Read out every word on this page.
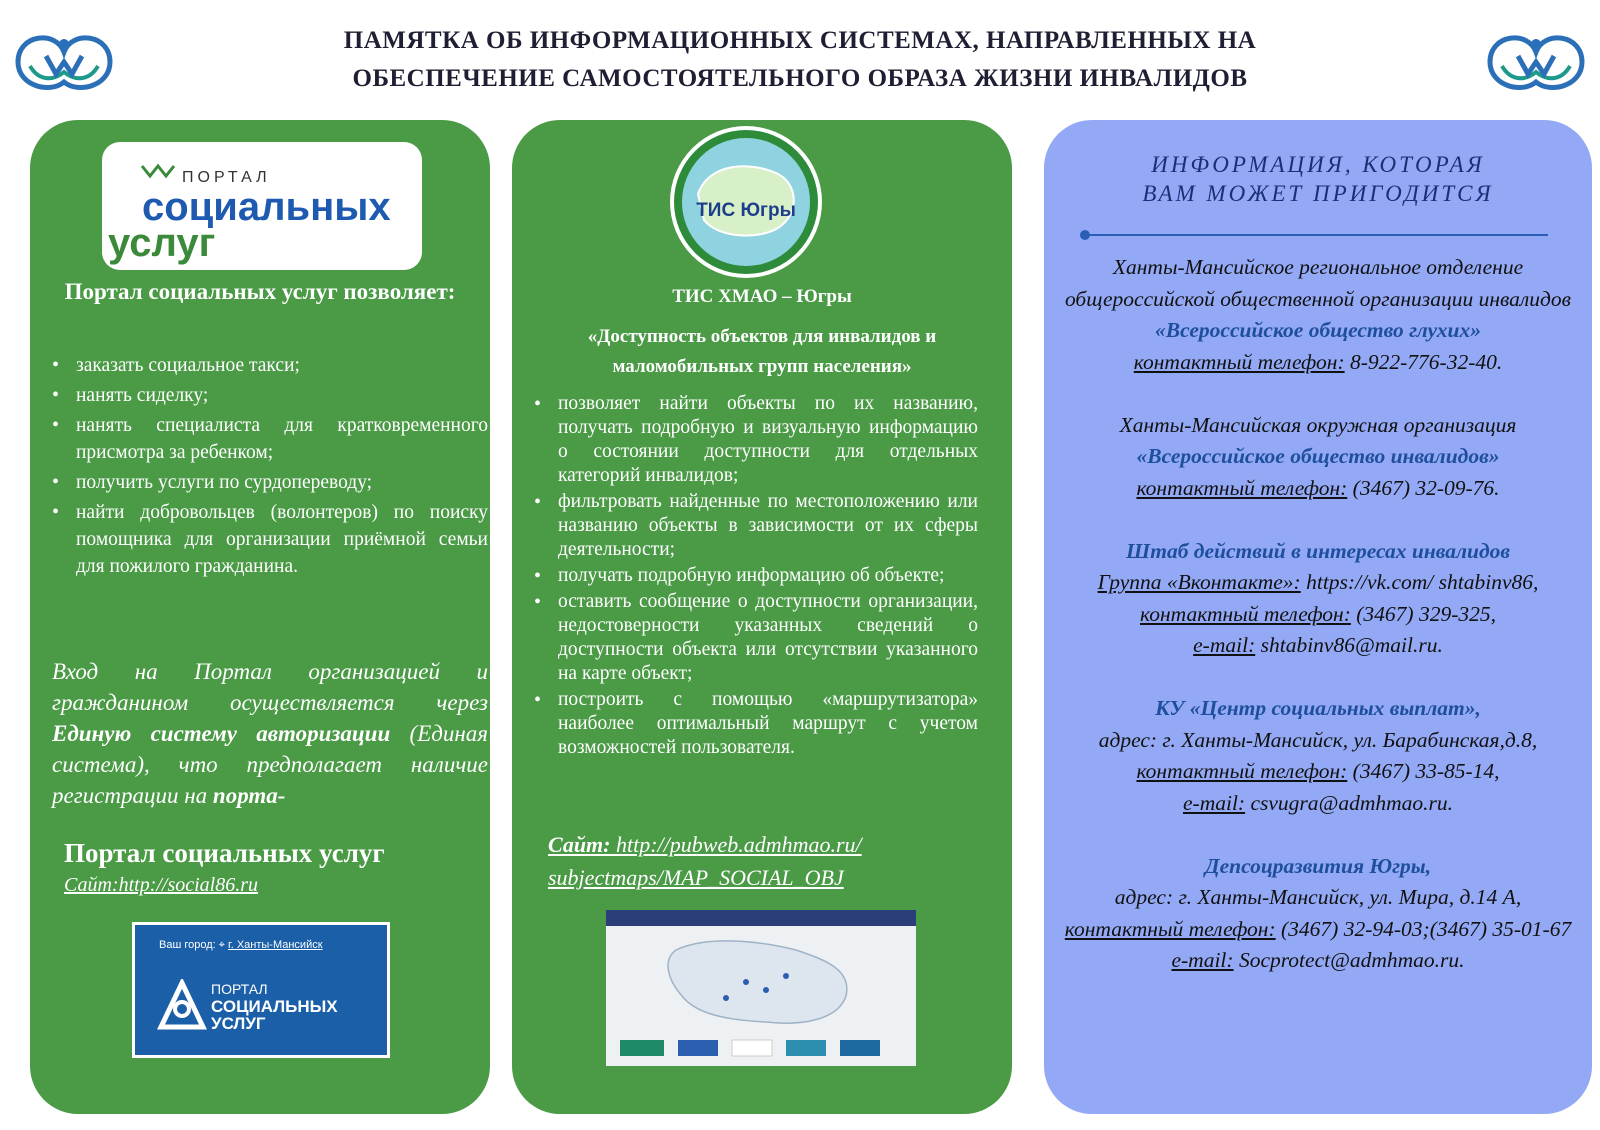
ПАМЯТКА ОБ ИНФОРМАЦИОННЫХ СИСТЕМАХ, НАПРАВЛЕННЫХ НА
ОБЕСПЕЧЕНИЕ САМОСТОЯТЕЛЬНОГО ОБРАЗА ЖИЗНИ ИНВАЛИДОВ
ПОРТАЛ
социальных
услуг
Портал социальных услуг позволяет:
• заказать социальное такси;
• нанять сиделку;
• нанять специалиста для кратковременного присмотра за ребенком;
• получить услуги по сурдопереводу;
• найти добровольцев (волонтеров) по поиску помощника для организации приёмной семьи для пожилого гражданина.
Вход на Портал организацией и гражданином осуществляется через Единую систему авторизации (Единая система), что предполагает наличие регистрации на порта-
Портал социальных услуг
Сайт:http://social86.ru
Ваш город: ⌖ г. Ханты-Мансийск
ПОРТАЛ
СОЦИАЛЬНЫХ
УСЛУГ
ТИС Югры
ТИС ХМАО – Югры
«Доступность объектов для инвалидов и маломобильных групп населения»
• позволяет найти объекты по их названию, получать подробную и визуальную информацию о состоянии доступности для отдельных категорий инвалидов;
• фильтровать найденные по местоположению или названию объекты в зависимости от их сферы деятельности;
• получать подробную информацию об объекте;
• оставить сообщение о доступности организации, недостоверности указанных сведений о доступности объекта или отсутствии указанного на карте объект;
• построить с помощью «маршрутизатора» наиболее оптимальный маршрут с учетом возможностей пользователя.
Сайт: http://pubweb.admhmao.ru/
subjectmaps/MAP_SOCIAL_OBJ
ИНФОРМАЦИЯ, КОТОРАЯ
ВАМ МОЖЕТ ПРИГОДИТСЯ

Ханты-Мансийское региональное отделение общероссийской общественной организации инвалидов «Всероссийское общество глухих»
контактный телефон: 8-922-776-32-40.

Ханты-Мансийская окружная организация
«Всероссийское общество инвалидов»
контактный телефон: (3467) 32-09-76.

Штаб действий в интересах инвалидов
Группа «Вконтакте»: https://vk.com/ shtabinv86,
контактный телефон: (3467) 329-325,
e-mail: shtabinv86@mail.ru.

КУ «Центр социальных выплат»,
адрес: г. Ханты-Мансийск, ул. Барабинская,д.8,
контактный телефон: (3467) 33-85-14,
e-mail: csvugra@admhmao.ru.

Депсоцразвития Югры,
адрес: г. Ханты-Мансийск, ул. Мира, д.14 А,
контактный телефон: (3467) 32-94-03;(3467) 35-01-67
e-mail: Socprotect@admhmao.ru.
